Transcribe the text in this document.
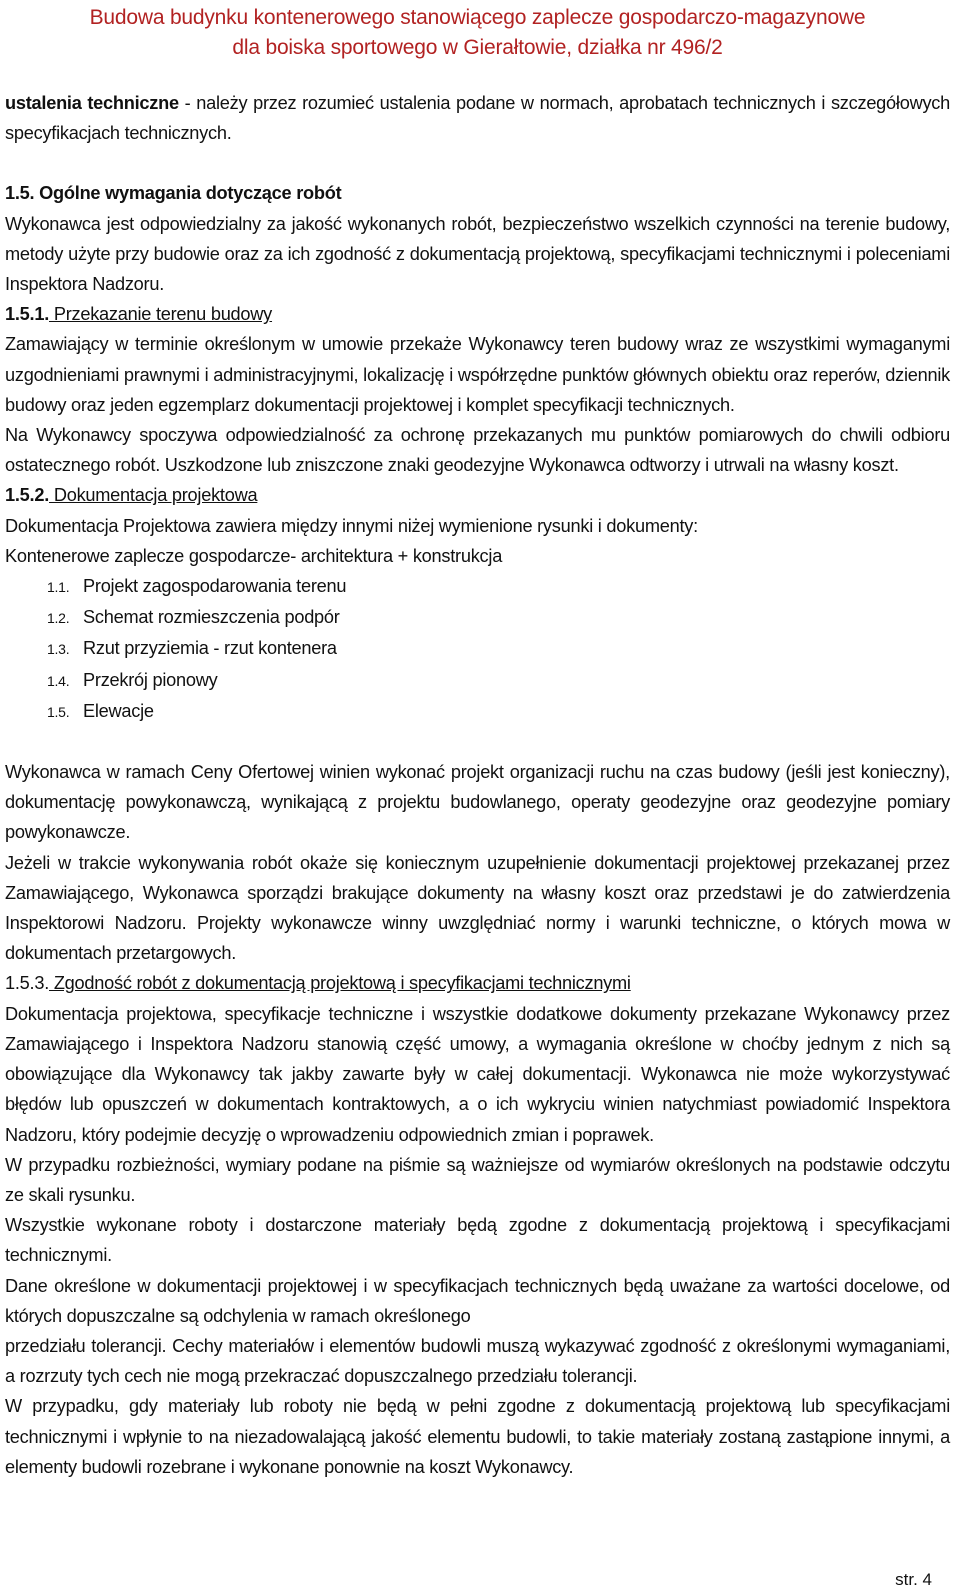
Budowa budynku kontenerowego stanowiącego zaplecze gospodarczo-magazynowe
dla boiska sportowego w Gierałtowie, działka nr 496/2

ustalenia techniczne - należy przez rozumieć ustalenia podane w normach, aprobatach technicznych i szczegółowych specyfikacjach technicznych.

1.5. Ogólne wymagania dotyczące robót

Wykonawca jest odpowiedzialny za jakość wykonanych robót, bezpieczeństwo wszelkich czynności na terenie budowy, metody użyte przy budowie oraz za ich zgodność z dokumentacją projektową, specyfikacjami technicznymi i poleceniami Inspektora Nadzoru.

1.5.1. Przekazanie terenu budowy

Zamawiający w terminie określonym w umowie przekaże Wykonawcy teren budowy wraz ze wszystkimi wymaganymi uzgodnieniami prawnymi i administracyjnymi, lokalizację i współrzędne punktów głównych obiektu oraz reperów, dziennik budowy oraz jeden egzemplarz dokumentacji projektowej i komplet specyfikacji technicznych.

Na Wykonawcy spoczywa odpowiedzialność za ochronę przekazanych mu punktów pomiarowych do chwili odbioru ostatecznego robót. Uszkodzone lub zniszczone znaki geodezyjne Wykonawca odtworzy i utrwali na własny koszt.

1.5.2. Dokumentacja projektowa

Dokumentacja Projektowa zawiera między innymi niżej wymienione rysunki i dokumenty:

Kontenerowe zaplecze gospodarcze- architektura + konstrukcja

1.1. Projekt zagospodarowania terenu
1.2. Schemat rozmieszczenia podpór
1.3. Rzut przyziemia - rzut kontenera
1.4. Przekrój pionowy
1.5. Elewacje

Wykonawca w ramach Ceny Ofertowej winien wykonać projekt organizacji ruchu na czas budowy (jeśli jest konieczny), dokumentację powykonawczą, wynikającą z projektu budowlanego, operaty geodezyjne oraz geodezyjne pomiary powykonawcze.

Jeżeli w trakcie wykonywania robót okaże się koniecznym uzupełnienie dokumentacji projektowej przekazanej przez Zamawiającego, Wykonawca sporządzi brakujące dokumenty na własny koszt oraz przedstawi je do zatwierdzenia Inspektorowi Nadzoru. Projekty wykonawcze winny uwzględniać normy i warunki techniczne, o których mowa w dokumentach przetargowych.

1.5.3. Zgodność robót z dokumentacją projektową i specyfikacjami technicznymi

Dokumentacja projektowa, specyfikacje techniczne i wszystkie dodatkowe dokumenty przekazane Wykonawcy przez Zamawiającego i Inspektora Nadzoru stanowią część umowy, a wymagania określone w choćby jednym z nich są obowiązujące dla Wykonawcy tak jakby zawarte były w całej dokumentacji. Wykonawca nie może wykorzystywać błędów lub opuszczeń w dokumentach kontraktowych, a o ich wykryciu winien natychmiast powiadomić Inspektora Nadzoru, który podejmie decyzję o wprowadzeniu odpowiednich zmian i poprawek.

W przypadku rozbieżności, wymiary podane na piśmie są ważniejsze od wymiarów określonych na podstawie odczytu ze skali rysunku.

Wszystkie wykonane roboty i dostarczone materiały będą zgodne z dokumentacją projektową i specyfikacjami technicznymi.

Dane określone w dokumentacji projektowej i w specyfikacjach technicznych będą uważane za wartości docelowe, od których dopuszczalne są odchylenia w ramach określonego

przedziału tolerancji. Cechy materiałów i elementów budowli muszą wykazywać zgodność z określonymi wymaganiami, a rozrzuty tych cech nie mogą przekraczać dopuszczalnego przedziału tolerancji.

W przypadku, gdy materiały lub roboty nie będą w pełni zgodne z dokumentacją projektową lub specyfikacjami technicznymi i wpłynie to na niezadowalającą jakość elementu budowli, to takie materiały zostaną zastąpione innymi, a elementy budowli rozebrane i wykonane ponownie na koszt Wykonawcy.

str. 4
